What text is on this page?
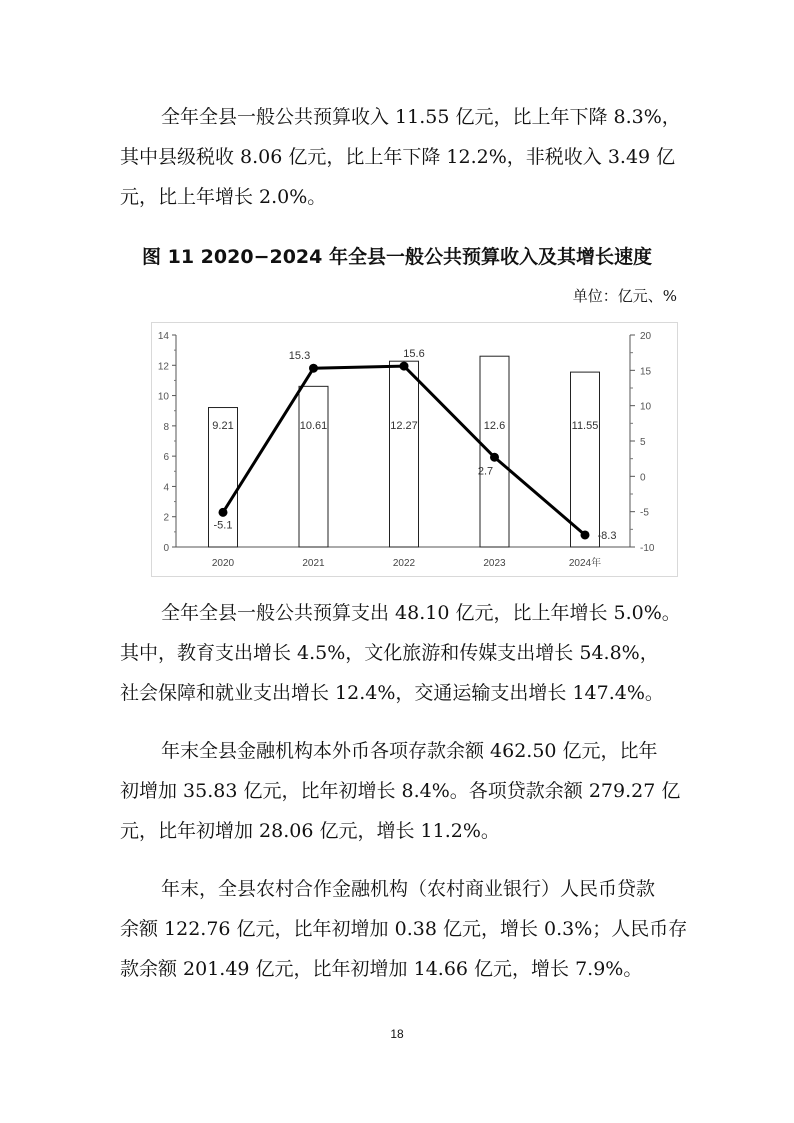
全年全县一般公共预算收入 11.55 亿元，比上年下降 8.3%，
其中县级税收 8.06 亿元，比上年下降 12.2%，非税收入 3.49 亿
元，比上年增长 2.0%。
图 11 2020−2024 年全县一般公共预算收入及其增长速度
单位：亿元、%
0
2
4
6
8
10
12
14
-10
-5
0
5
10
15
20
9.21
2020
10.61
2021
12.27
2022
12.6
2023
11.55
2024年
-5.1
15.3	15.6
2.7
-8.3
全年全县一般公共预算支出 48.10 亿元，比上年增长 5.0%。
其中，教育支出增长 4.5%，文化旅游和传媒支出增长 54.8%，
社会保障和就业支出增长 12.4%，交通运输支出增长 147.4%。
年末全县金融机构本外币各项存款余额 462.50 亿元，比年
初增加 35.83 亿元，比年初增长 8.4%。各项贷款余额 279.27 亿
元，比年初增加 28.06 亿元，增长 11.2%。
年末，全县农村合作金融机构（农村商业银行）人民币贷款
余额 122.76 亿元，比年初增加 0.38 亿元，增长 0.3%；人民币存
款余额 201.49 亿元，比年初增加 14.66 亿元，增长 7.9%。
18
